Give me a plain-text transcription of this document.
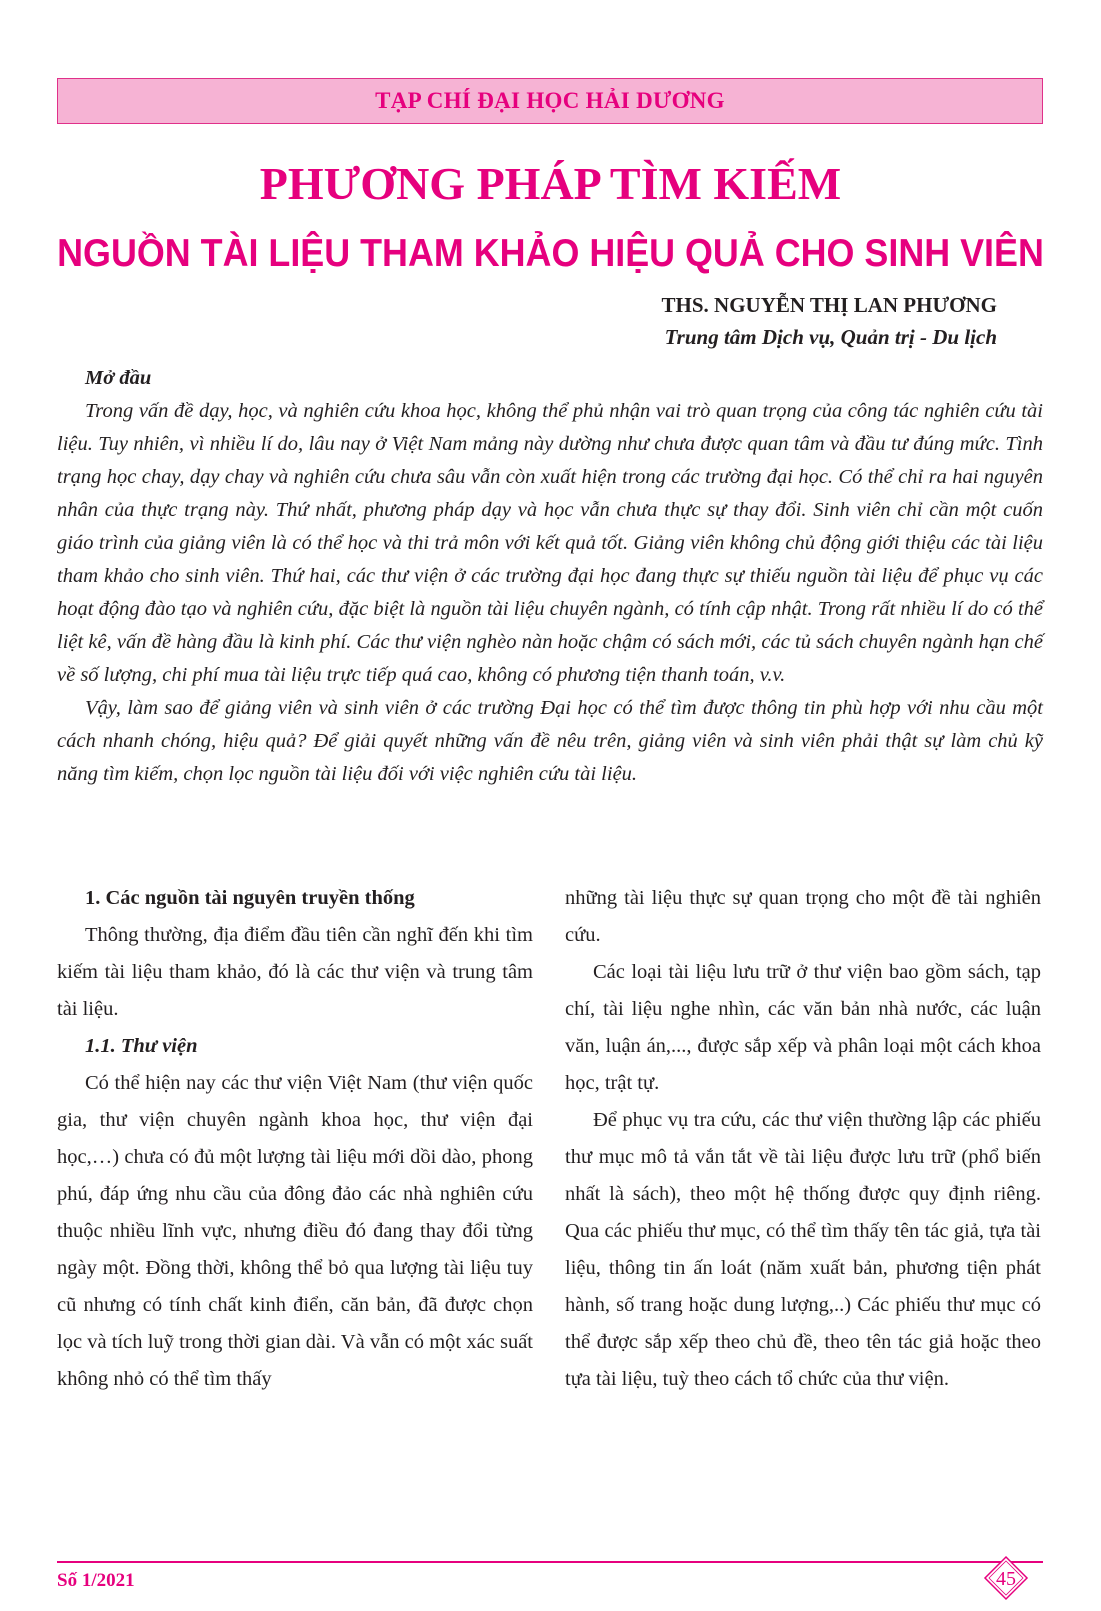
TẠP CHÍ ĐẠI HỌC HẢI DƯƠNG
PHƯƠNG PHÁP TÌM KIẾM
NGUỒN TÀI LIỆU THAM KHẢO HIỆU QUẢ CHO SINH VIÊN
THS. NGUYỄN THỊ LAN PHƯƠNG
Trung tâm Dịch vụ, Quản trị - Du lịch
Mở đầu

Trong vấn đề dạy, học, và nghiên cứu khoa học, không thể phủ nhận vai trò quan trọng của công tác nghiên cứu tài liệu. Tuy nhiên, vì nhiều lí do, lâu nay ở Việt Nam mảng này dường như chưa được quan tâm và đầu tư đúng mức. Tình trạng học chay, dạy chay và nghiên cứu chưa sâu vẫn còn xuất hiện trong các trường đại học. Có thể chỉ ra hai nguyên nhân của thực trạng này. Thứ nhất, phương pháp dạy và học vẫn chưa thực sự thay đổi. Sinh viên chỉ cần một cuốn giáo trình của giảng viên là có thể học và thi trả môn với kết quả tốt. Giảng viên không chủ động giới thiệu các tài liệu tham khảo cho sinh viên. Thứ hai, các thư viện ở các trường đại học đang thực sự thiếu nguồn tài liệu để phục vụ các hoạt động đào tạo và nghiên cứu, đặc biệt là nguồn tài liệu chuyên ngành, có tính cập nhật. Trong rất nhiều lí do có thể liệt kê, vấn đề hàng đầu là kinh phí. Các thư viện nghèo nàn hoặc chậm có sách mới, các tủ sách chuyên ngành hạn chế về số lượng, chi phí mua tài liệu trực tiếp quá cao, không có phương tiện thanh toán, v.v.

Vậy, làm sao để giảng viên và sinh viên ở các trường Đại học có thể tìm được thông tin phù hợp với nhu cầu một cách nhanh chóng, hiệu quả? Để giải quyết những vấn đề nêu trên, giảng viên và sinh viên phải thật sự làm chủ kỹ năng tìm kiếm, chọn lọc nguồn tài liệu đối với việc nghiên cứu tài liệu.

1. Các nguồn tài nguyên truyền thống

Thông thường, địa điểm đầu tiên cần nghĩ đến khi tìm kiếm tài liệu tham khảo, đó là các thư viện và trung tâm tài liệu.

1.1. Thư viện

Có thể hiện nay các thư viện Việt Nam (thư viện quốc gia, thư viện chuyên ngành khoa học, thư viện đại học,…) chưa có đủ một lượng tài liệu mới dồi dào, phong phú, đáp ứng nhu cầu của đông đảo các nhà nghiên cứu thuộc nhiều lĩnh vực, nhưng điều đó đang thay đổi từng ngày một. Đồng thời, không thể bỏ qua lượng tài liệu tuy cũ nhưng có tính chất kinh điển, căn bản, đã được chọn lọc và tích luỹ trong thời gian dài. Và vẫn có một xác suất không nhỏ có thể tìm thấy

những tài liệu thực sự quan trọng cho một đề tài nghiên cứu.

Các loại tài liệu lưu trữ ở thư viện bao gồm sách, tạp chí, tài liệu nghe nhìn, các văn bản nhà nước, các luận văn, luận án,..., được sắp xếp và phân loại một cách khoa học, trật tự.

Để phục vụ tra cứu, các thư viện thường lập các phiếu thư mục mô tả vắn tắt về tài liệu được lưu trữ (phổ biến nhất là sách), theo một hệ thống được quy định riêng. Qua các phiếu thư mục, có thể tìm thấy tên tác giả, tựa tài liệu, thông tin ấn loát (năm xuất bản, phương tiện phát hành, số trang hoặc dung lượng,..) Các phiếu thư mục có thể được sắp xếp theo chủ đề, theo tên tác giả hoặc theo tựa tài liệu, tuỳ theo cách tổ chức của thư viện.

Số 1/2021	45
